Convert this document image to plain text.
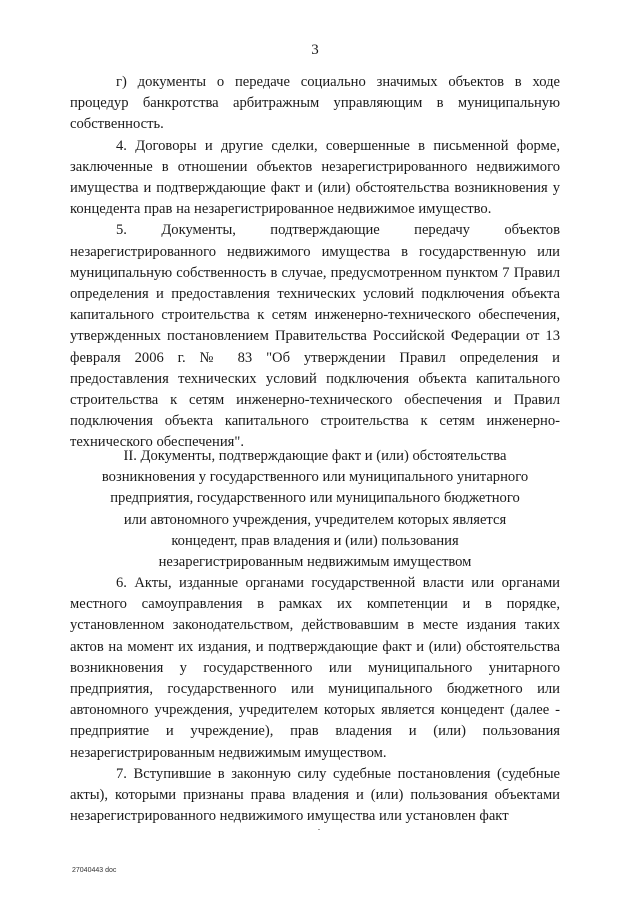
3

г) документы о передаче социально значимых объектов в ходе процедур банкротства арбитражным управляющим в муниципальную собственность.

4. Договоры и другие сделки, совершенные в письменной форме, заключенные в отношении объектов незарегистрированного недвижимого имущества и подтверждающие факт и (или) обстоятельства возникновения у концедента прав на незарегистрированное недвижимое имущество.

5. Документы, подтверждающие передачу объектов незарегистрированного недвижимого имущества в государственную или муниципальную собственность в случае, предусмотренном пунктом 7 Правил определения и предоставления технических условий подключения объекта капитального строительства к сетям инженерно-технического обеспечения, утвержденных постановлением Правительства Российской Федерации от 13 февраля 2006 г. № 83 "Об утверждении Правил определения и предоставления технических условий подключения объекта капитального строительства к сетям инженерно-технического обеспечения и Правил подключения объекта капитального строительства к сетям инженерно-технического обеспечения".

II. Документы, подтверждающие факт и (или) обстоятельства
возникновения у государственного или муниципального унитарного
предприятия, государственного или муниципального бюджетного
или автономного учреждения, учредителем которых является
концедент, прав владения и (или) пользования
незарегистрированным недвижимым имуществом

6. Акты, изданные органами государственной власти или органами местного самоуправления в рамках их компетенции и в порядке, установленном законодательством, действовавшим в месте издания таких актов на момент их издания, и подтверждающие факт и (или) обстоятельства возникновения у государственного или муниципального унитарного предприятия, государственного или муниципального бюджетного или автономного учреждения, учредителем которых является концедент (далее - предприятие и учреждение), прав владения и (или) пользования незарегистрированным недвижимым имуществом.

7. Вступившие в законную силу судебные постановления (судебные акты), которыми признаны права владения и (или) пользования объектами незарегистрированного недвижимого имущества или установлен факт

27040443 doc
